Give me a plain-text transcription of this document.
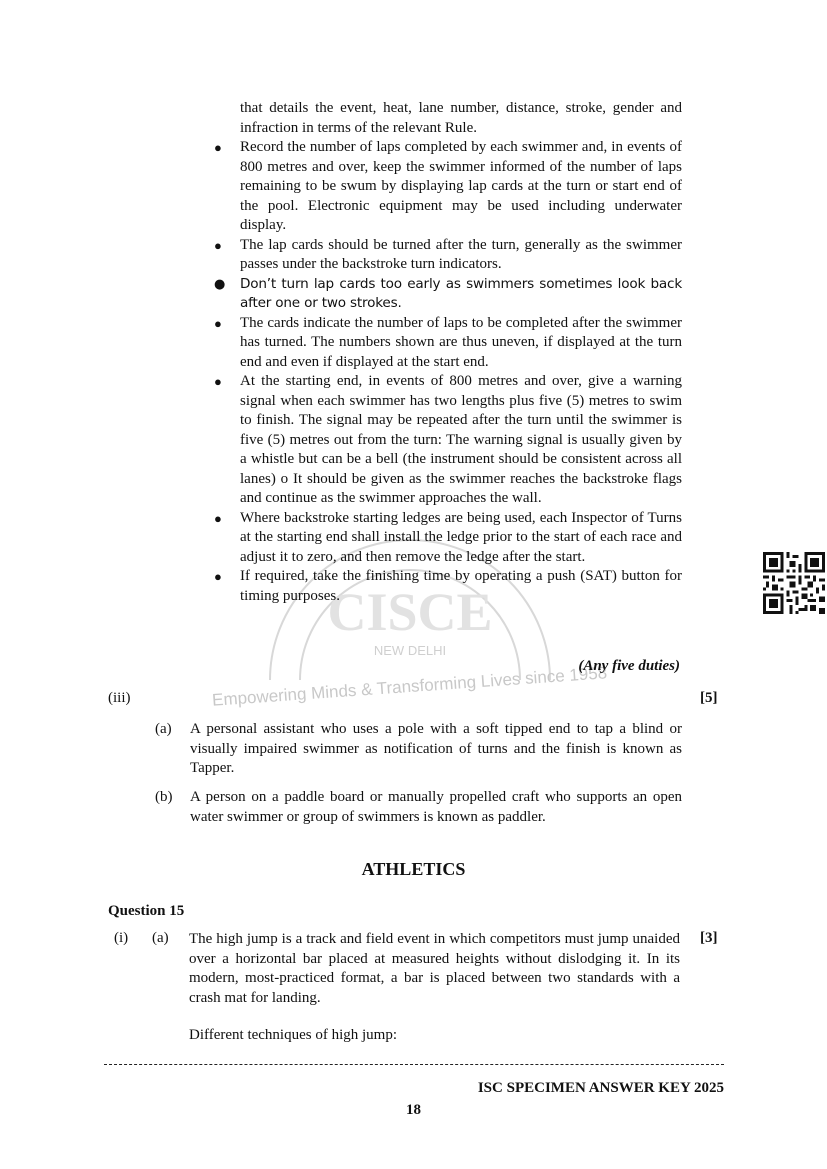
CISCE
NEW DELHI
Empowering Minds & Transforming Lives since 1958
that details the event, heat, lane number, distance, stroke, gender and infraction in terms of the relevant Rule.
● Record the number of laps completed by each swimmer and, in events of 800 metres and over, keep the swimmer informed of the number of laps remaining to be swum by displaying lap cards at the turn or start end of the pool. Electronic equipment may be used including underwater display.
● The lap cards should be turned after the turn, generally as the swimmer passes under the backstroke turn indicators.
● Don’t turn lap cards too early as swimmers sometimes look back after one or two strokes.
● The cards indicate the number of laps to be completed after the swimmer has turned. The numbers shown are thus uneven, if displayed at the turn end and even if displayed at the start end.
● At the starting end, in events of 800 metres and over, give a warning signal when each swimmer has two lengths plus five (5) metres to swim to finish. The signal may be repeated after the turn until the swimmer is five (5) metres out from the turn: The warning signal is usually given by a whistle but can be a bell (the instrument should be consistent across all lanes) o It should be given as the swimmer reaches the backstroke flags and continue as the swimmer approaches the wall.
● Where backstroke starting ledges are being used, each Inspector of Turns at the starting end shall install the ledge prior to the start of each race and adjust it to zero, and then remove the ledge after the start.
● If required, take the finishing time by operating a push (SAT) button for timing purposes.
(Any five duties)
(iii)	[5]
(a) A personal assistant who uses a pole with a soft tipped end to tap a blind or visually impaired swimmer as notification of turns and the finish is known as Tapper.
(b) A person on a paddle board or manually propelled craft who supports an open water swimmer or group of swimmers is known as paddler.
ATHLETICS
Question 15
(i) (a)	[3]
The high jump is a track and field event in which competitors must jump unaided over a horizontal bar placed at measured heights without dislodging it. In its modern, most-practiced format, a bar is placed between two standards with a crash mat for landing.
Different techniques of high jump:
ISC SPECIMEN ANSWER KEY 2025
18
